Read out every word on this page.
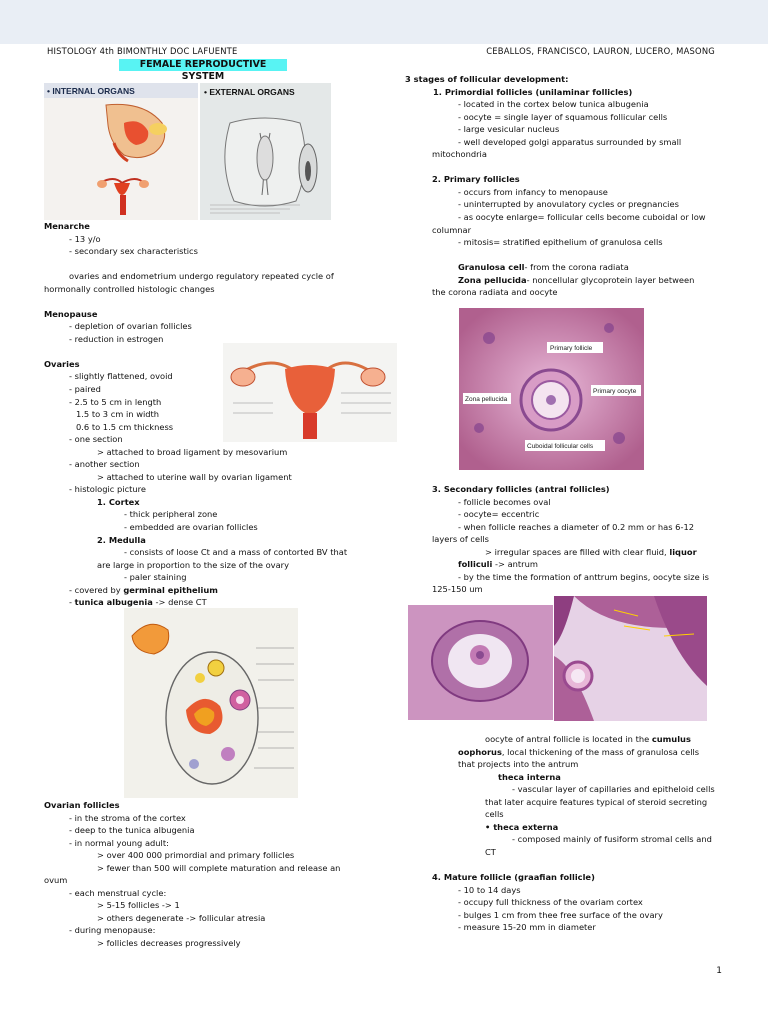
HISTOLOGY 4th BIMONTHLY DOC LAFUENTE	CEBALLOS, FRANCISCO, LAURON, LUCERO, MASONG
FEMALE REPRODUCTIVE SYSTEM
• INTERNAL ORGANS	• EXTERNAL ORGANS
Primary follicle
Primary oocyte
Zona pellucida
Cuboidal follicular cells

Menarche

- 13 y/o

- secondary sex characteristics

ovaries and endometrium undergo regulatory repeated cycle of

hormonally controlled histologic changes

Menopause

- depletion of ovarian follicles

- reduction in estrogen

Ovaries

- slightly flattened, ovoid

- paired

- 2.5 to 5 cm in length

1.5 to 3 cm in width

0.6 to 1.5 cm thickness

- one section

> attached to broad ligament by mesovarium

- another section

> attached to uterine wall by ovarian ligament

- histologic picture

1. Cortex

- thick peripheral zone

- embedded are ovarian follicles

2. Medulla

- consists of loose Ct and a mass of contorted BV that

are large in proportion to the size of the ovary

- paler staining

- covered by germinal epithelium

- tunica albugenia -> dense CT

Ovarian follicles

- in the stroma of the cortex

- deep to the tunica albugenia

- in normal young adult:

> over 400 000 primordial and primary follicles

> fewer than 500 will complete maturation and release an

ovum

- each menstrual cycle:

> 5-15 follicles -> 1

> others degenerate -> follicular atresia

- during menopause:

> follicles decreases progressively

3 stages of follicular development:

1. Primordial follicles (unilaminar follicles)

- located in the cortex below tunica albugenia

- oocyte = single layer of squamous follicular cells

- large vesicular nucleus

- well developed golgi apparatus surrounded by small

mitochondria

2. Primary follicles

- occurs from infancy to menopause

- uninterrupted by anovulatory cycles or pregnancies

- as oocyte enlarge= follicular cells become cuboidal or low

columnar

- mitosis= stratified epithelium of granulosa cells

Granulosa cell- from the corona radiata

Zona pellucida- noncellular glycoprotein layer between

the corona radiata and oocyte

3. Secondary follicles (antral follicles)

- follicle becomes oval

- oocyte= eccentric

- when follicle reaches a diameter of 0.2 mm or has 6-12

layers of cells

> irregular spaces are filled with clear fluid, liquor

folliculi -> antrum

- by the time the formation of anttrum begins, oocyte size is

125-150 um

oocyte of antral follicle is located in the cumulus

oophorus, local thickening of the mass of granulosa cells

that projects into the antrum

theca interna

- vascular layer of capillaries and epitheloid cells

that later acquire features typical of steroid secreting

cells

• theca externa

- composed mainly of fusiform stromal cells and

CT

4. Mature follicle (graafian follicle)

- 10 to 14 days

- occupy full thickness of the ovariam cortex

- bulges 1 cm from thee free surface of the ovary

- measure 15-20 mm in diameter

1
